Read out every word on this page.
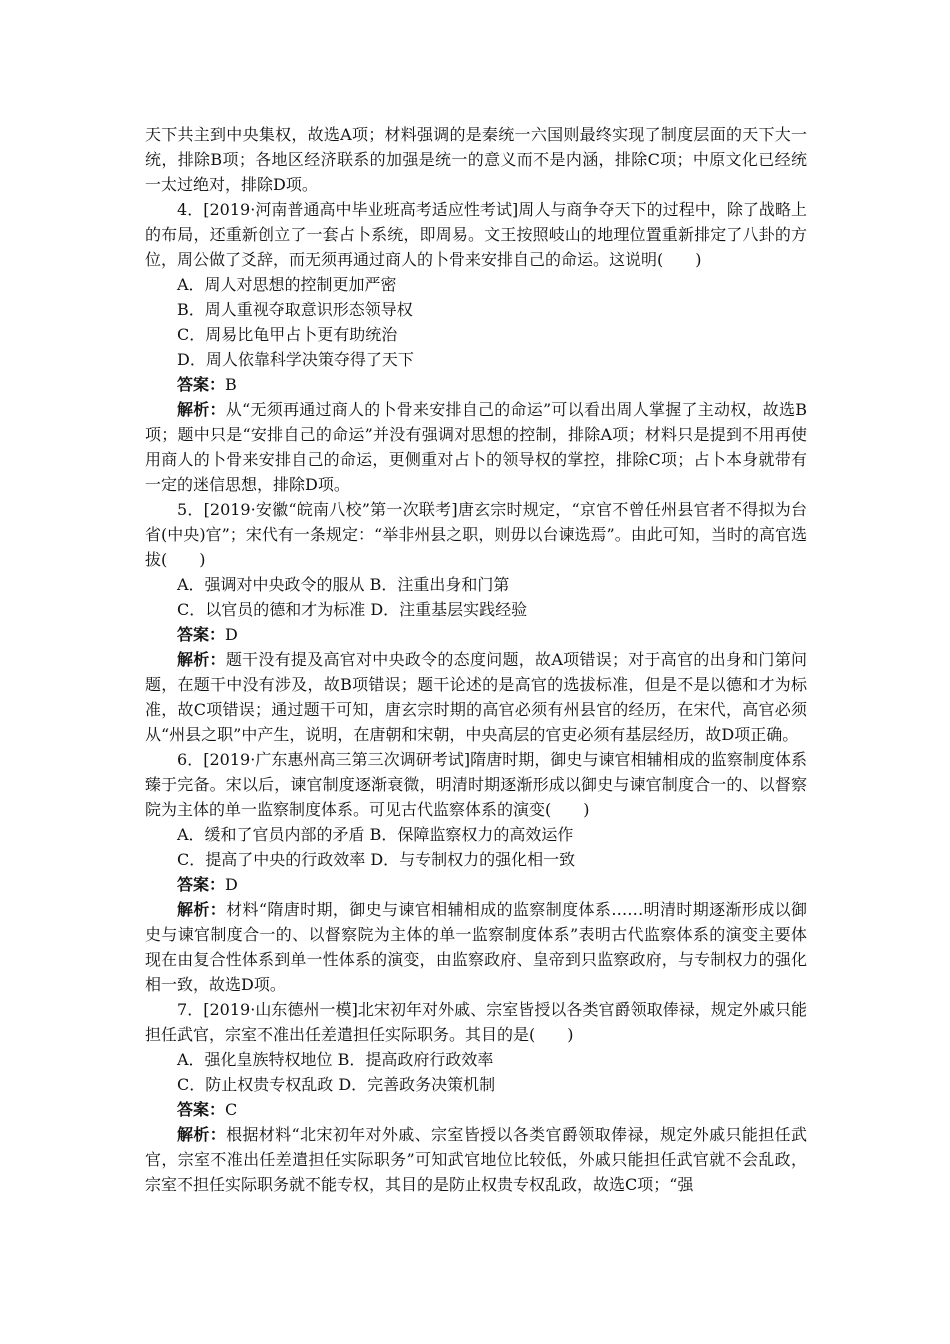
天下共主到中央集权，故选A项；材料强调的是秦统一六国则最终实现了制度层面的天下大一统，排除B项；各地区经济联系的加强是统一的意义而不是内涵，排除C项；中原文化已经统一太过绝对，排除D项。

4．[2019·河南普通高中毕业班高考适应性考试]周人与商争夺天下的过程中，除了战略上的布局，还重新创立了一套占卜系统，即周易。文王按照岐山的地理位置重新排定了八卦的方位，周公做了爻辞，而无须再通过商人的卜骨来安排自己的命运。这说明(　　)

A．周人对思想的控制更加严密

B．周人重视夺取意识形态领导权

C．周易比龟甲占卜更有助统治

D．周人依靠科学决策夺得了天下

答案：B

解析：从“无须再通过商人的卜骨来安排自己的命运”可以看出周人掌握了主动权，故选B项；题中只是“安排自己的命运”并没有强调对思想的控制，排除A项；材料只是提到不用再使用商人的卜骨来安排自己的命运，更侧重对占卜的领导权的掌控，排除C项；占卜本身就带有一定的迷信思想，排除D项。

5．[2019·安徽“皖南八校”第一次联考]唐玄宗时规定，“京官不曾任州县官者不得拟为台省(中央)官”；宋代有一条规定：“举非州县之职，则毋以台谏选焉”。由此可知，当时的高官选拔(　　)

A．强调对中央政令的服从 B．注重出身和门第

C．以官员的德和才为标准 D．注重基层实践经验

答案：D

解析：题干没有提及高官对中央政令的态度问题，故A项错误；对于高官的出身和门第问题，在题干中没有涉及，故B项错误；题干论述的是高官的选拔标准，但是不是以德和才为标准，故C项错误；通过题干可知，唐玄宗时期的高官必须有州县官的经历，在宋代，高官必须从“州县之职”中产生，说明，在唐朝和宋朝，中央高层的官吏必须有基层经历，故D项正确。

6．[2019·广东惠州高三第三次调研考试]隋唐时期，御史与谏官相辅相成的监察制度体系臻于完备。宋以后，谏官制度逐渐衰微，明清时期逐渐形成以御史与谏官制度合一的、以督察院为主体的单一监察制度体系。可见古代监察体系的演变(　　)

A．缓和了官员内部的矛盾 B．保障监察权力的高效运作

C．提高了中央的行政效率 D．与专制权力的强化相一致

答案：D

解析：材料“隋唐时期，御史与谏官相辅相成的监察制度体系……明清时期逐渐形成以御史与谏官制度合一的、以督察院为主体的单一监察制度体系”表明古代监察体系的演变主要体现在由复合性体系到单一性体系的演变，由监察政府、皇帝到只监察政府，与专制权力的强化相一致，故选D项。

7．[2019·山东德州一模]北宋初年对外戚、宗室皆授以各类官爵领取俸禄，规定外戚只能担任武官，宗室不准出任差遣担任实际职务。其目的是(　　)

A．强化皇族特权地位 B．提高政府行政效率

C．防止权贵专权乱政 D．完善政务决策机制

答案：C

解析：根据材料“北宋初年对外戚、宗室皆授以各类官爵领取俸禄，规定外戚只能担任武官，宗室不准出任差遣担任实际职务”可知武官地位比较低，外戚只能担任武官就不会乱政，宗室不担任实际职务就不能专权，其目的是防止权贵专权乱政，故选C项；“强
